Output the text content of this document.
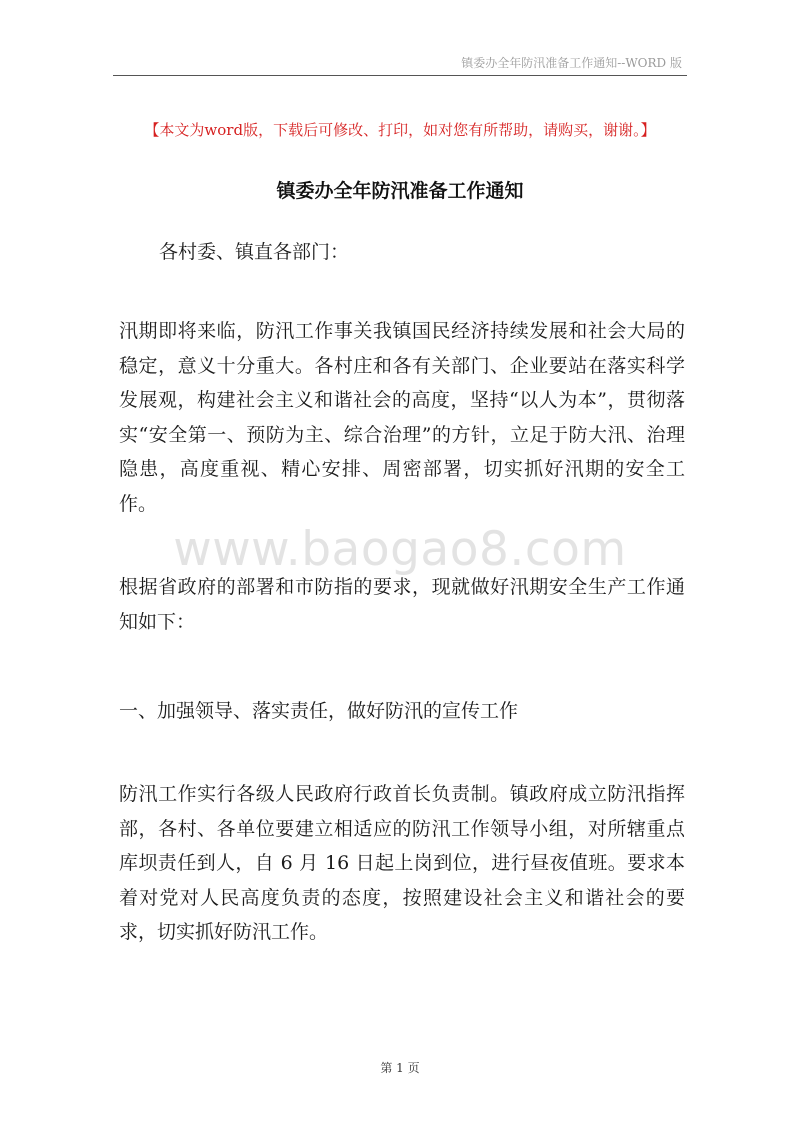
镇委办全年防汛准备工作通知--WORD 版
【本文为word版，下载后可修改、打印，如对您有所帮助，请购买，谢谢。】
镇委办全年防汛准备工作通知
各村委、镇直各部门：
汛期即将来临，防汛工作事关我镇国民经济持续发展和社会大局的稳定，意义十分重大。各村庄和各有关部门、企业要站在落实科学发展观，构建社会主义和谐社会的高度，坚持“以人为本”，贯彻落实“安全第一、预防为主、综合治理”的方针，立足于防大汛、治理隐患，高度重视、精心安排、周密部署，切实抓好汛期的安全工作。
www.baogao8.com
根据省政府的部署和市防指的要求，现就做好汛期安全生产工作通知如下：
一、加强领导、落实责任，做好防汛的宣传工作
防汛工作实行各级人民政府行政首长负责制。镇政府成立防汛指挥部，各村、各单位要建立相适应的防汛工作领导小组，对所辖重点库坝责任到人，自 6 月 16 日起上岗到位，进行昼夜值班。要求本着对党对人民高度负责的态度，按照建设社会主义和谐社会的要求，切实抓好防汛工作。
第 1 页
